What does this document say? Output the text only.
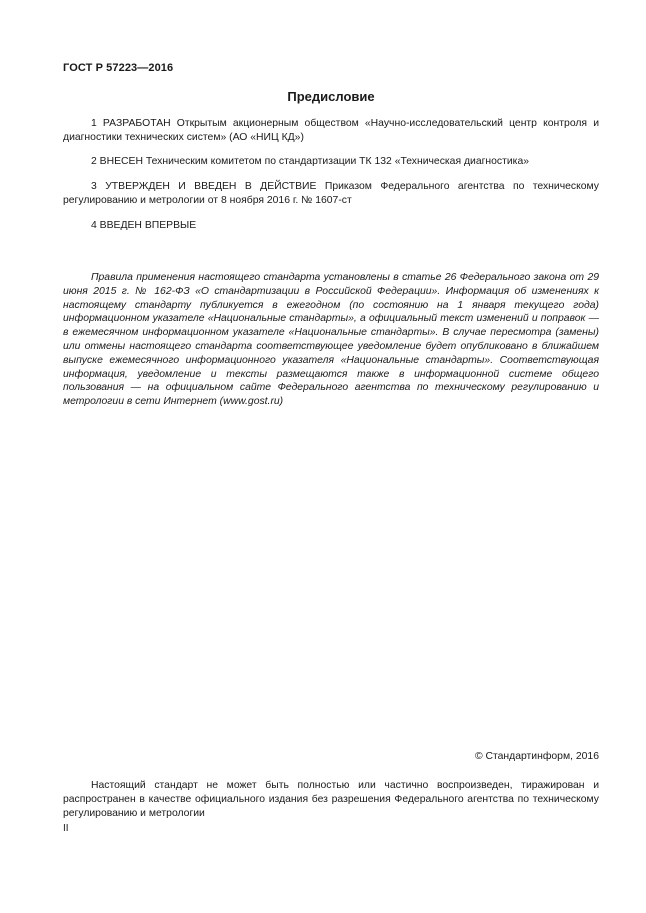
ГОСТ Р 57223—2016
Предисловие

1 РАЗРАБОТАН Открытым акционерным обществом «Научно-исследовательский центр контроля и диагностики технических систем» (АО «НИЦ КД»)

2 ВНЕСЕН Техническим комитетом по стандартизации ТК 132 «Техническая диагностика»

3 УТВЕРЖДЕН И ВВЕДЕН В ДЕЙСТВИЕ Приказом Федерального агентства по техническому регулированию и метрологии от 8 ноября 2016 г. № 1607-ст

4 ВВЕДЕН ВПЕРВЫЕ

Правила применения настоящего стандарта установлены в статье 26 Федерального закона от 29 июня 2015 г. № 162-ФЗ «О стандартизации в Российской Федерации». Информация об изменениях к настоящему стандарту публикуется в ежегодном (по состоянию на 1 января текущего года) информационном указателе «Национальные стандарты», а официальный текст изменений и поправок — в ежемесячном информационном указателе «Национальные стандарты». В случае пересмотра (замены) или отмены настоящего стандарта соответствующее уведомление будет опубликовано в ближайшем выпуске ежемесячного информационного указателя «Национальные стандарты». Соответствующая информация, уведомление и тексты размещаются также в информационной системе общего пользования — на официальном сайте Федерального агентства по техническому регулированию и метрологии в сети Интернет (www.gost.ru)

© Стандартинформ, 2016

Настоящий стандарт не может быть полностью или частично воспроизведен, тиражирован и распространен в качестве официального издания без разрешения Федерального агентства по техническому регулированию и метрологии

II
